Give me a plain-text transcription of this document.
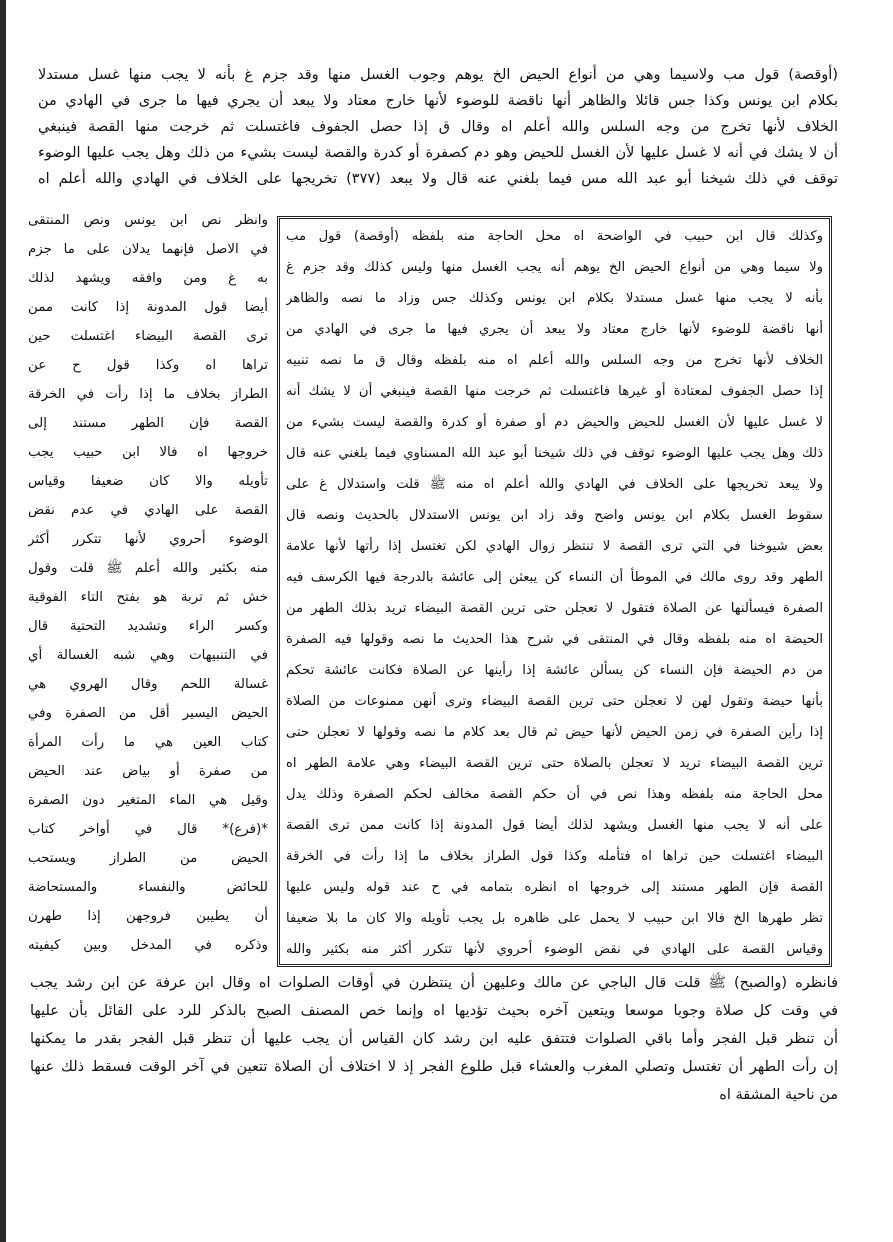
(أوقصة) قول مب ولاسيما وهي من أنواع الحيض الخ يوهم وجوب الغسل منها وقد جزم غ بأنه لا يجب منها غسل مستدلا
بكلام ابن يونس وكذا جس قائلا والظاهر أنها ناقضة للوضوء لأنها خارج معتاد ولا يبعد أن يجري فيها ما جرى في الهادي من
الخلاف لأنها تخرج من وجه السلس والله أعلم اه وقال ق إذا حصل الجفوف فاغتسلت ثم خرجت منها القصة فينبغي
أن لا يشك في أنه لا غسل عليها لأن الغسل للحيض وهو دم كصفرة أو كدرة والقصة ليست بشيء من ذلك وهل يجب عليها الوضوء
توقف في ذلك شيخنا أبو عبد الله مس فيما بلغني عنه قال ولا يبعد (٣٧٧) تخريجها على الخلاف في الهادي والله أعلم اه
وكذلك قال ابن حبيب في الواضحة اه محل الحاجة منه بلفظه (أوقصة) قول مب
ولا سيما وهي من أنواع الحيض الخ يوهم أنه يجب الغسل منها وليس كذلك وقد جزم غ
بأنه لا يجب منها غسل مستدلا بكلام ابن يونس وكذلك جس وزاد ما نصه والظاهر
أنها ناقضة للوضوء لأنها خارج معتاد ولا يبعد أن يجري فيها ما جرى في الهادي من
الخلاف لأنها تخرج من وجه السلس والله أعلم اه منه بلفظه وقال ق ما نصه تنبيه
إذا حصل الجفوف لمعتادة أو غيرها فاغتسلت ثم خرجت منها القصة فينبغي أن لا يشك أنه
لا غسل عليها لأن الغسل للحيض والحيض دم أو صفرة أو كدرة والقصة ليست بشيء من
ذلك وهل يجب عليها الوضوء توقف في ذلك شيخنا أبو عبد الله المسناوي فيما بلغني عنه قال
ولا يبعد تخريجها على الخلاف في الهادي والله أعلم اه منه ﷺ قلت واستدلال غ على
سقوط الغسل بكلام ابن يونس واضح وقد زاد ابن يونس الاستدلال بالحديث ونصه قال
بعض شيوخنا في التي ترى القصة لا تنتظر زوال الهادي لكن تغتسل إذا رأتها لأنها علامة
الطهر وقد روى مالك في الموطأ أن النساء كن يبعثن إلى عائشة بالدرجة فيها الكرسف فيه
الصفرة فيسألنها عن الصلاة فتقول لا تعجلن حتى ترين القصة البيضاء تريد بذلك الطهر من
الحيضة اه منه بلفظه وقال في المنتقى في شرح هذا الحديث ما نصه وقولها فيه الصفرة
من دم الحيضة فإن النساء كن يسألن عائشة إذا رأينها عن الصلاة فكانت عائشة تحكم
بأنها حيضة وتقول لهن لا تعجلن حتى ترين القصة البيضاء وترى أنهن ممنوعات من الصلاة
إذا رأين الصفرة في زمن الحيض لأنها حيض ثم قال بعد كلام ما نصه وقولها لا تعجلن حتى
ترين القصة البيضاء تريد لا تعجلن بالصلاة حتى ترين القصة البيضاء وهي علامة الطهر اه
محل الحاجة منه بلفظه وهذا نص في أن حكم القصة مخالف لحكم الصفرة وذلك يدل
على أنه لا يجب منها الغسل ويشهد لذلك أيضا قول المدونة إذا كانت ممن ترى القصة
البيضاء اغتسلت حين تراها اه فتأمله وكذا قول الطراز بخلاف ما إذا رأت في الخرقة
القصة فإن الطهر مستند إلى خروجها اه انظره بتمامه في ح عند قوله وليس عليها
تظر طهرها الخ فالا ابن حبيب لا يحمل على ظاهره بل يجب تأويله والا كان ما بلا ضعيفا
وقياس القصة على الهادي في نقض الوضوء أحروي لأنها تتكرر أكثر منه بكثير والله
وانظر نص ابن يونس ونص المنتقى
في الاصل فإنهما يدلان على ما جزم
به غ ومن وافقه ويشهد لذلك
أيضا قول المدونة إذا كانت ممن
ترى القصة البيضاء اغتسلت حين
تراها اه وكذا قول ح عن
الطراز بخلاف ما إذا رأت في الخرقة
القصة فإن الطهر مستند إلى
خروجها اه فالا ابن حبيب يجب
تأويله والا كان ضعيفا وقياس
القصة على الهادي في عدم نقض
الوضوء أحروي لأنها تتكرر أكثر
منه بكثير والله أعلم ﷺ قلت وقول
خش ثم تربة هو بفتح التاء الفوقية
وكسر الراء وتشديد التحتية قال
في التنبيهات وهي شبه الغسالة أي
غسالة اللحم وقال الهروي هي
الحيض اليسير أقل من الصفرة وفي
كتاب العين هي ما رأت المرأة
من صفرة أو بياض عند الحيض
وقيل هي الماء المتغير دون الصفرة
*(فرع)* قال في أواخر كتاب
الحيض من الطراز ويستحب
للحائض والنفساء والمستحاضة
أن يطيبن فروجهن إذا طهرن
وذكره في المدخل وبين كيفيته
فانظره (والصبح) ﷺ قلت قال الباجي عن مالك وعليهن أن ينتظرن في أوقات الصلوات اه وقال ابن عرفة عن ابن رشد يجب
في وقت كل صلاة وجوبا موسعا ويتعين آخره بحيث تؤديها اه وإنما خص المصنف الصبح بالذكر للرد على القائل بأن عليها
أن تنظر قبل الفجر وأما باقي الصلوات فتتفق عليه ابن رشد كان القياس أن يجب عليها أن تنظر قبل الفجر بقدر ما يمكنها
إن رأت الطهر أن تغتسل وتصلي المغرب والعشاء قبل طلوع الفجر إذ لا اختلاف أن الصلاة تتعين في آخر الوقت فسقط ذلك عنها
من ناحية المشقة اه
